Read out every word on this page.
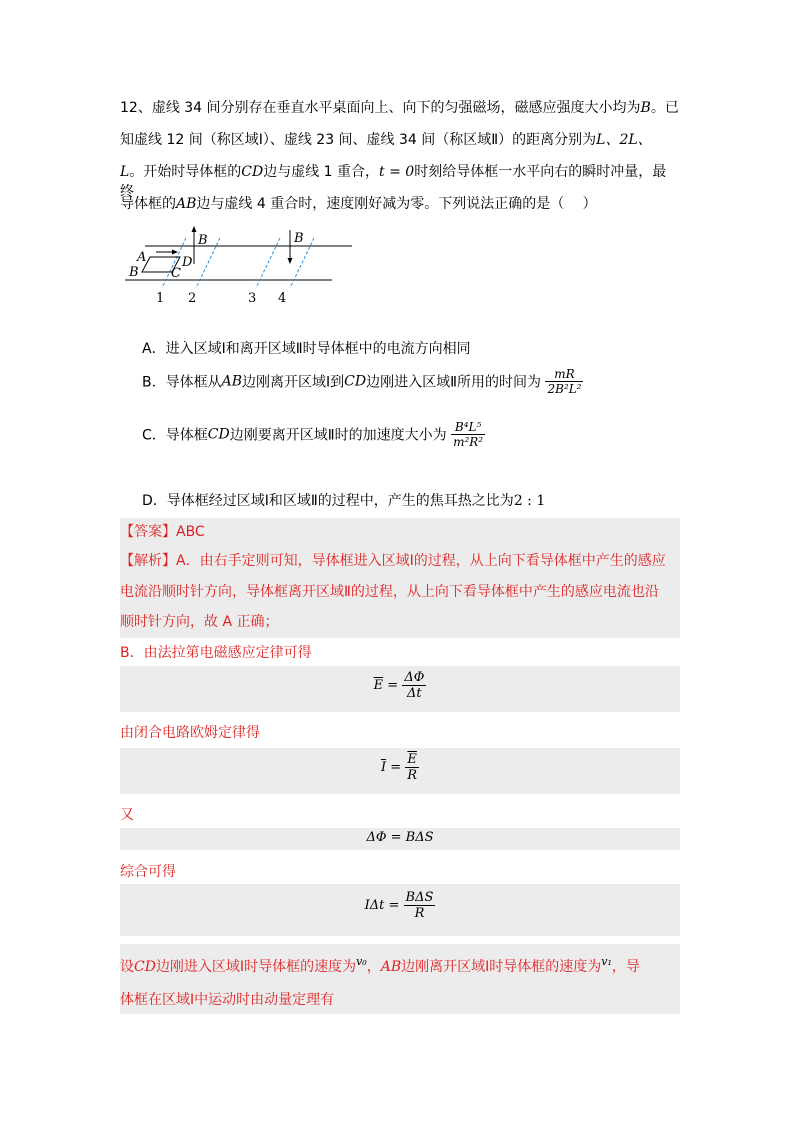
12、虚线 34 间分别存在垂直水平桌面向上、向下的匀强磁场，磁感应强度大小均为B。已
知虚线 12 间（称区域Ⅰ）、虚线 23 间、虚线 34 间（称区域Ⅱ）的距离分别为L、2L、
L。开始时导体框的CD边与虚线 1 重合，t = 0时刻给导体框一水平向右的瞬时冲量，最终
导体框的AB边与虚线 4 重合时，速度刚好减为零。下列说法正确的是（　 ）
A
B C
D
B	B
1 2	3 4
A．进入区域Ⅰ和离开区域Ⅱ时导体框中的电流方向相同
B．导体框从AB边刚离开区域Ⅰ到CD边刚进入区域Ⅱ所用的时间为 $\frac{mR}{\text{2B²L²}}$
C．导体框CD边刚要离开区域Ⅱ时的加速度大小为 $\frac{\text{B⁴L⁵}}{\text{m²R²}}$
D．导体框经过区域Ⅰ和区域Ⅱ的过程中，产生的焦耳热之比为2 : 1
【答案】ABC
【解析】A．由右手定则可知，导体框进入区域Ⅰ的过程，从上向下看导体框中产生的感应
电流沿顺时针方向，导体框离开区域Ⅱ的过程，从上向下看导体框中产生的感应电流也沿
顺时针方向，故 A 正确；
B．由法拉第电磁感应定律可得
$\overline{E} = \frac{\Delta\Phi}{\Delta t}$
由闭合电路欧姆定律得
$\overline{I} = \frac{\overline{E}}{R}$
又
ΔΦ = BΔS
综合可得
$I\Delta t = \frac{\text{BΔS}}{R}$
设CD边刚进入区域Ⅰ时导体框的速度为$^{v_0}$，AB边刚离开区域Ⅰ时导体框的速度为$^{v_1}$，导
体框在区域Ⅰ中运动时由动量定理有
